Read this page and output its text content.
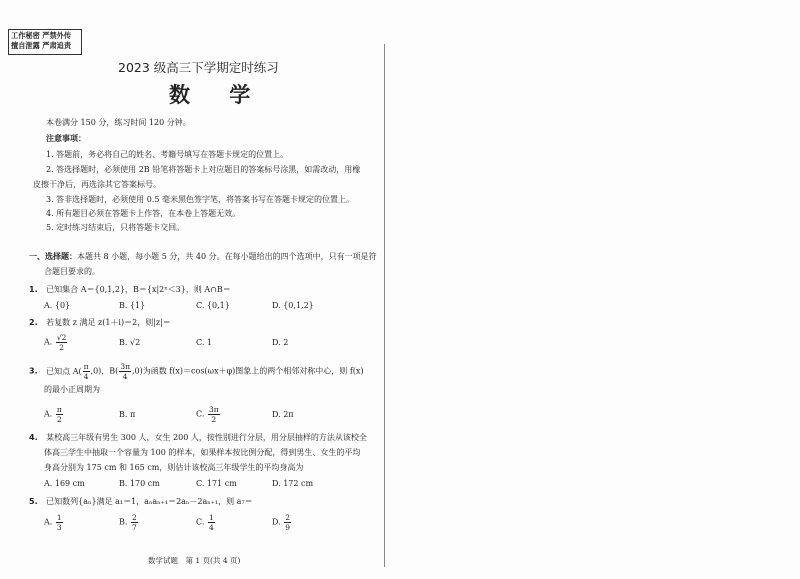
工作秘密 严禁外传
擅自泄露 严肃追责
2023 级高三下学期定时练习
数 学
本卷满分 150 分，练习时间 120 分钟。
注意事项：
1. 答题前，务必将自己的姓名、考籍号填写在答题卡规定的位置上。
2. 答选择题时，必须使用 2B 铅笔将答题卡上对应题目的答案标号涂黑，如需改动，用橡
皮擦干净后，再选涂其它答案标号。
3. 答非选择题时，必须使用 0.5 毫米黑色签字笔，将答案书写在答题卡规定的位置上。
4. 所有题目必须在答题卡上作答，在本卷上答题无效。
5. 定时练习结束后，只将答题卡交回。
一、选择题：本题共 8 小题，每小题 5 分，共 40 分。在每小题给出的四个选项中，只有一项是符
合题目要求的。
1. 已知集合 A＝{0,1,2}，B＝{x|2ˣ＜3}，则 A∩B＝
A. {0}	B. {1}	C. {0,1}	D. {0,1,2}
2. 若复数 z 满足 z(1＋i)＝2，则|z|＝
A. $\frac{√2}{2}$	B. √2	C. 1	D. 2
3. 已知点 $A( \frac{\pi}{4} ,0)$，$B( \frac{3\pi}{4} ,0)$为函数 f(x)＝cos(ωx＋φ)图象上的两个相邻对称中心，则 f(x)
的最小正周期为
A. $\frac{\pi}{2}$	B. π	C. $\frac{3\pi}{2}$	D. 2π
4. 某校高三年级有男生 300 人，女生 200 人，按性别进行分层，用分层抽样的方法从该校全
体高三学生中抽取一个容量为 100 的样本，如果样本按比例分配，得到男生、女生的平均
身高分别为 175 cm 和 165 cm，则估计该校高三年级学生的平均身高为
A. 169 cm	B. 170 cm	C. 171 cm	D. 172 cm
5. 已知数列{aₙ}满足 a₁＝1，aₙaₙ₊₁＝2aₙ－2aₙ₊₁，则 a₇＝
A. $\frac{1}{3}$	B. $\frac{2}{7}$	C. $\frac{1}{4}$	D. $\frac{2}{9}$
数学试题　第 1 页(共 4 页)
